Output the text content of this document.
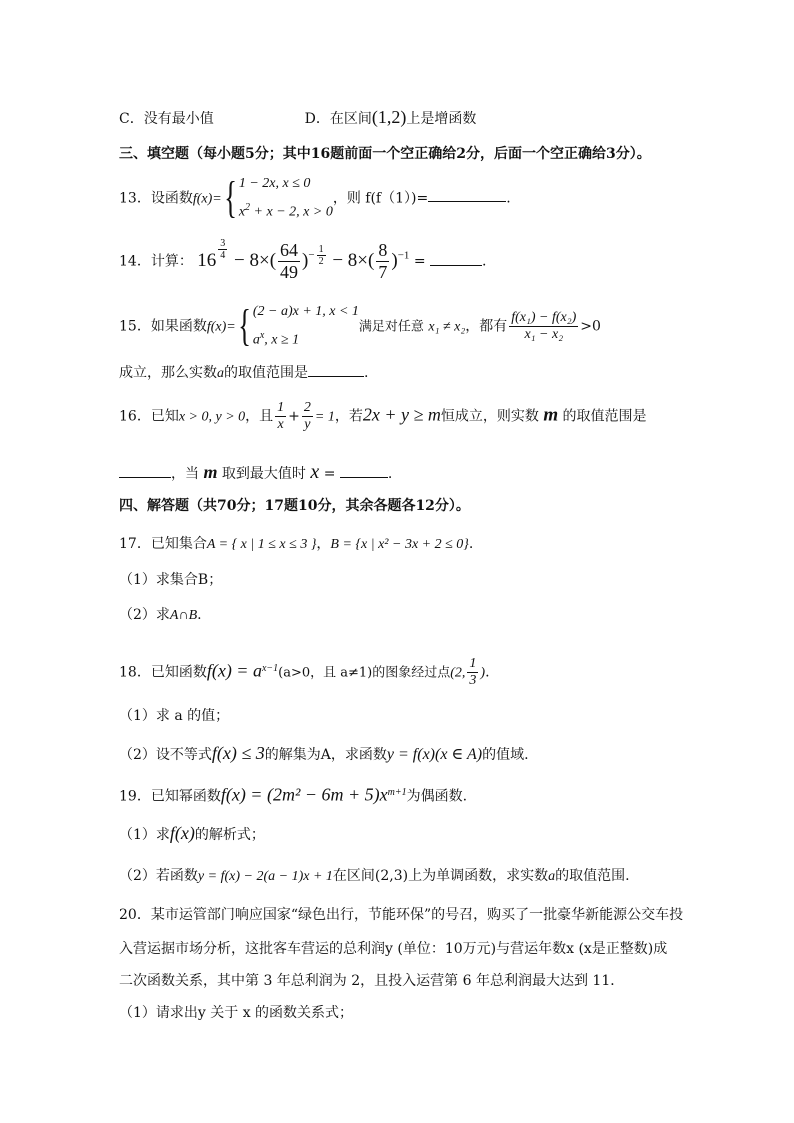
C．没有最小值	D．在区间(1,2)上是增函数
三、填空题（每小题5分；其中16题前面一个空正确给2分，后面一个空正确给3分）。
13．设函数f(x)={ 1 − 2x, x ≤ 0
$x^2 + x - 2$, x > 0
，则 f(f（1）)=	.
14．计算： 16 $^{\frac{3}{4}} - 8\times( \frac{64}{49} )^{- \frac{1}{2}} - 8\times( \frac{8}{7} )^{-1}$ =	.
15．如果函数f(x)={ (2 − a)x + 1, x < 1
$a^x$, x ≥ 1
满足对任意 x₁ ≠ x₂，都有 $\frac{\text{f(x₁) − f(x₂)}}{\text{x₁ − x₂}} >0$
成立，那么实数a的取值范围是	.
16．已知x > 0, y > 0，且 $\frac{1}{x} + \frac{2}{y} = 1$，若2x + y ≥ m恒成立，则实数 m 的取值范围是
，当 m 取到最大值时 x =	.
四、解答题（共70分；17题10分，其余各题各12分）。
17．已知集合A = { x | 1 ≤ x ≤ 3 }，B = {x | x² − 3x + 2 ≤ 0}.
（1）求集合B；
（2）求A∩B.
18．已知函数$f(x) = a^{x-1}(a>0$，且 a≠1)的图象经过点(2, $\frac{1}{3}$ ).
（1）求 a 的值；
（2）设不等式f(x) ≤ 3的解集为A，求函数y = f(x)(x ∈ A)的值域.
19．已知幂函数$f(x) = (2m^2 - 6m + 5)x^{m+1}$为偶函数.
（1）求f(x)的解析式；
（2）若函数y = f(x) − 2(a − 1)x + 1在区间(2,3)上为单调函数，求实数a的取值范围.
20．某市运管部门响应国家“绿色出行，节能环保”的号召，购买了一批豪华新能源公交车投
入营运据市场分析，这批客车营运的总利润y (单位：10万元)与营运年数x (x是正整数)成
二次函数关系，其中第 3 年总利润为 2，且投入运营第 6 年总利润最大达到 11．
（1）请求出y 关于 x 的函数关系式；
